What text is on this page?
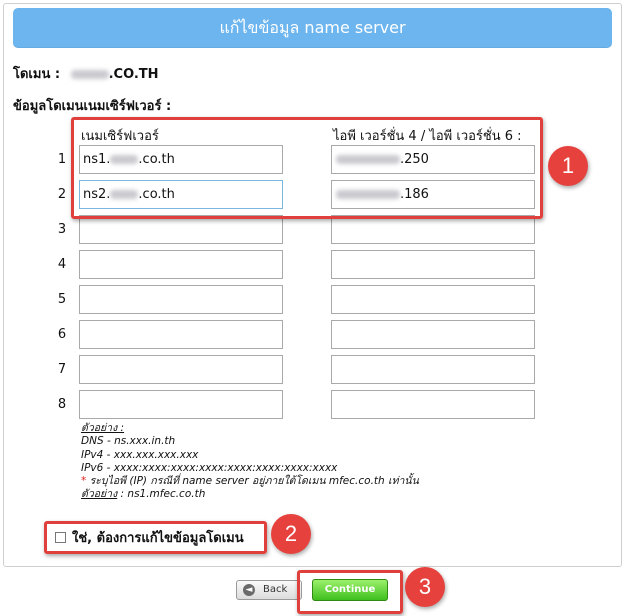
แก้ไขข้อมูล name server
โดเมน :	.CO.TH
ข้อมูลโดเมนเนมเซิร์ฟเวอร์ :
เนมเซิร์ฟเวอร์	ไอพี เวอร์ชั่น 4 / ไอพี เวอร์ชั่น 6 :
1	ns1. .co.th	.250
2	ns2. .co.th	.186
3
4
5
6
7
8
1
ตัวอย่าง :
DNS - ns.xxx.in.th
IPv4 - xxx.xxx.xxx.xxx
IPv6 - xxxx:xxxx:xxxx:xxxx:xxxx:xxxx:xxxx:xxxx
* ระบุไอพี (IP) กรณีที่ name server อยู่ภายใต้โดเมน mfec.co.th เท่านั้น
ตัวอย่าง : ns1.mfec.co.th
ใช่, ต้องการแก้ไขข้อมูลโดเมน	2
◄ Back	Continue	3
